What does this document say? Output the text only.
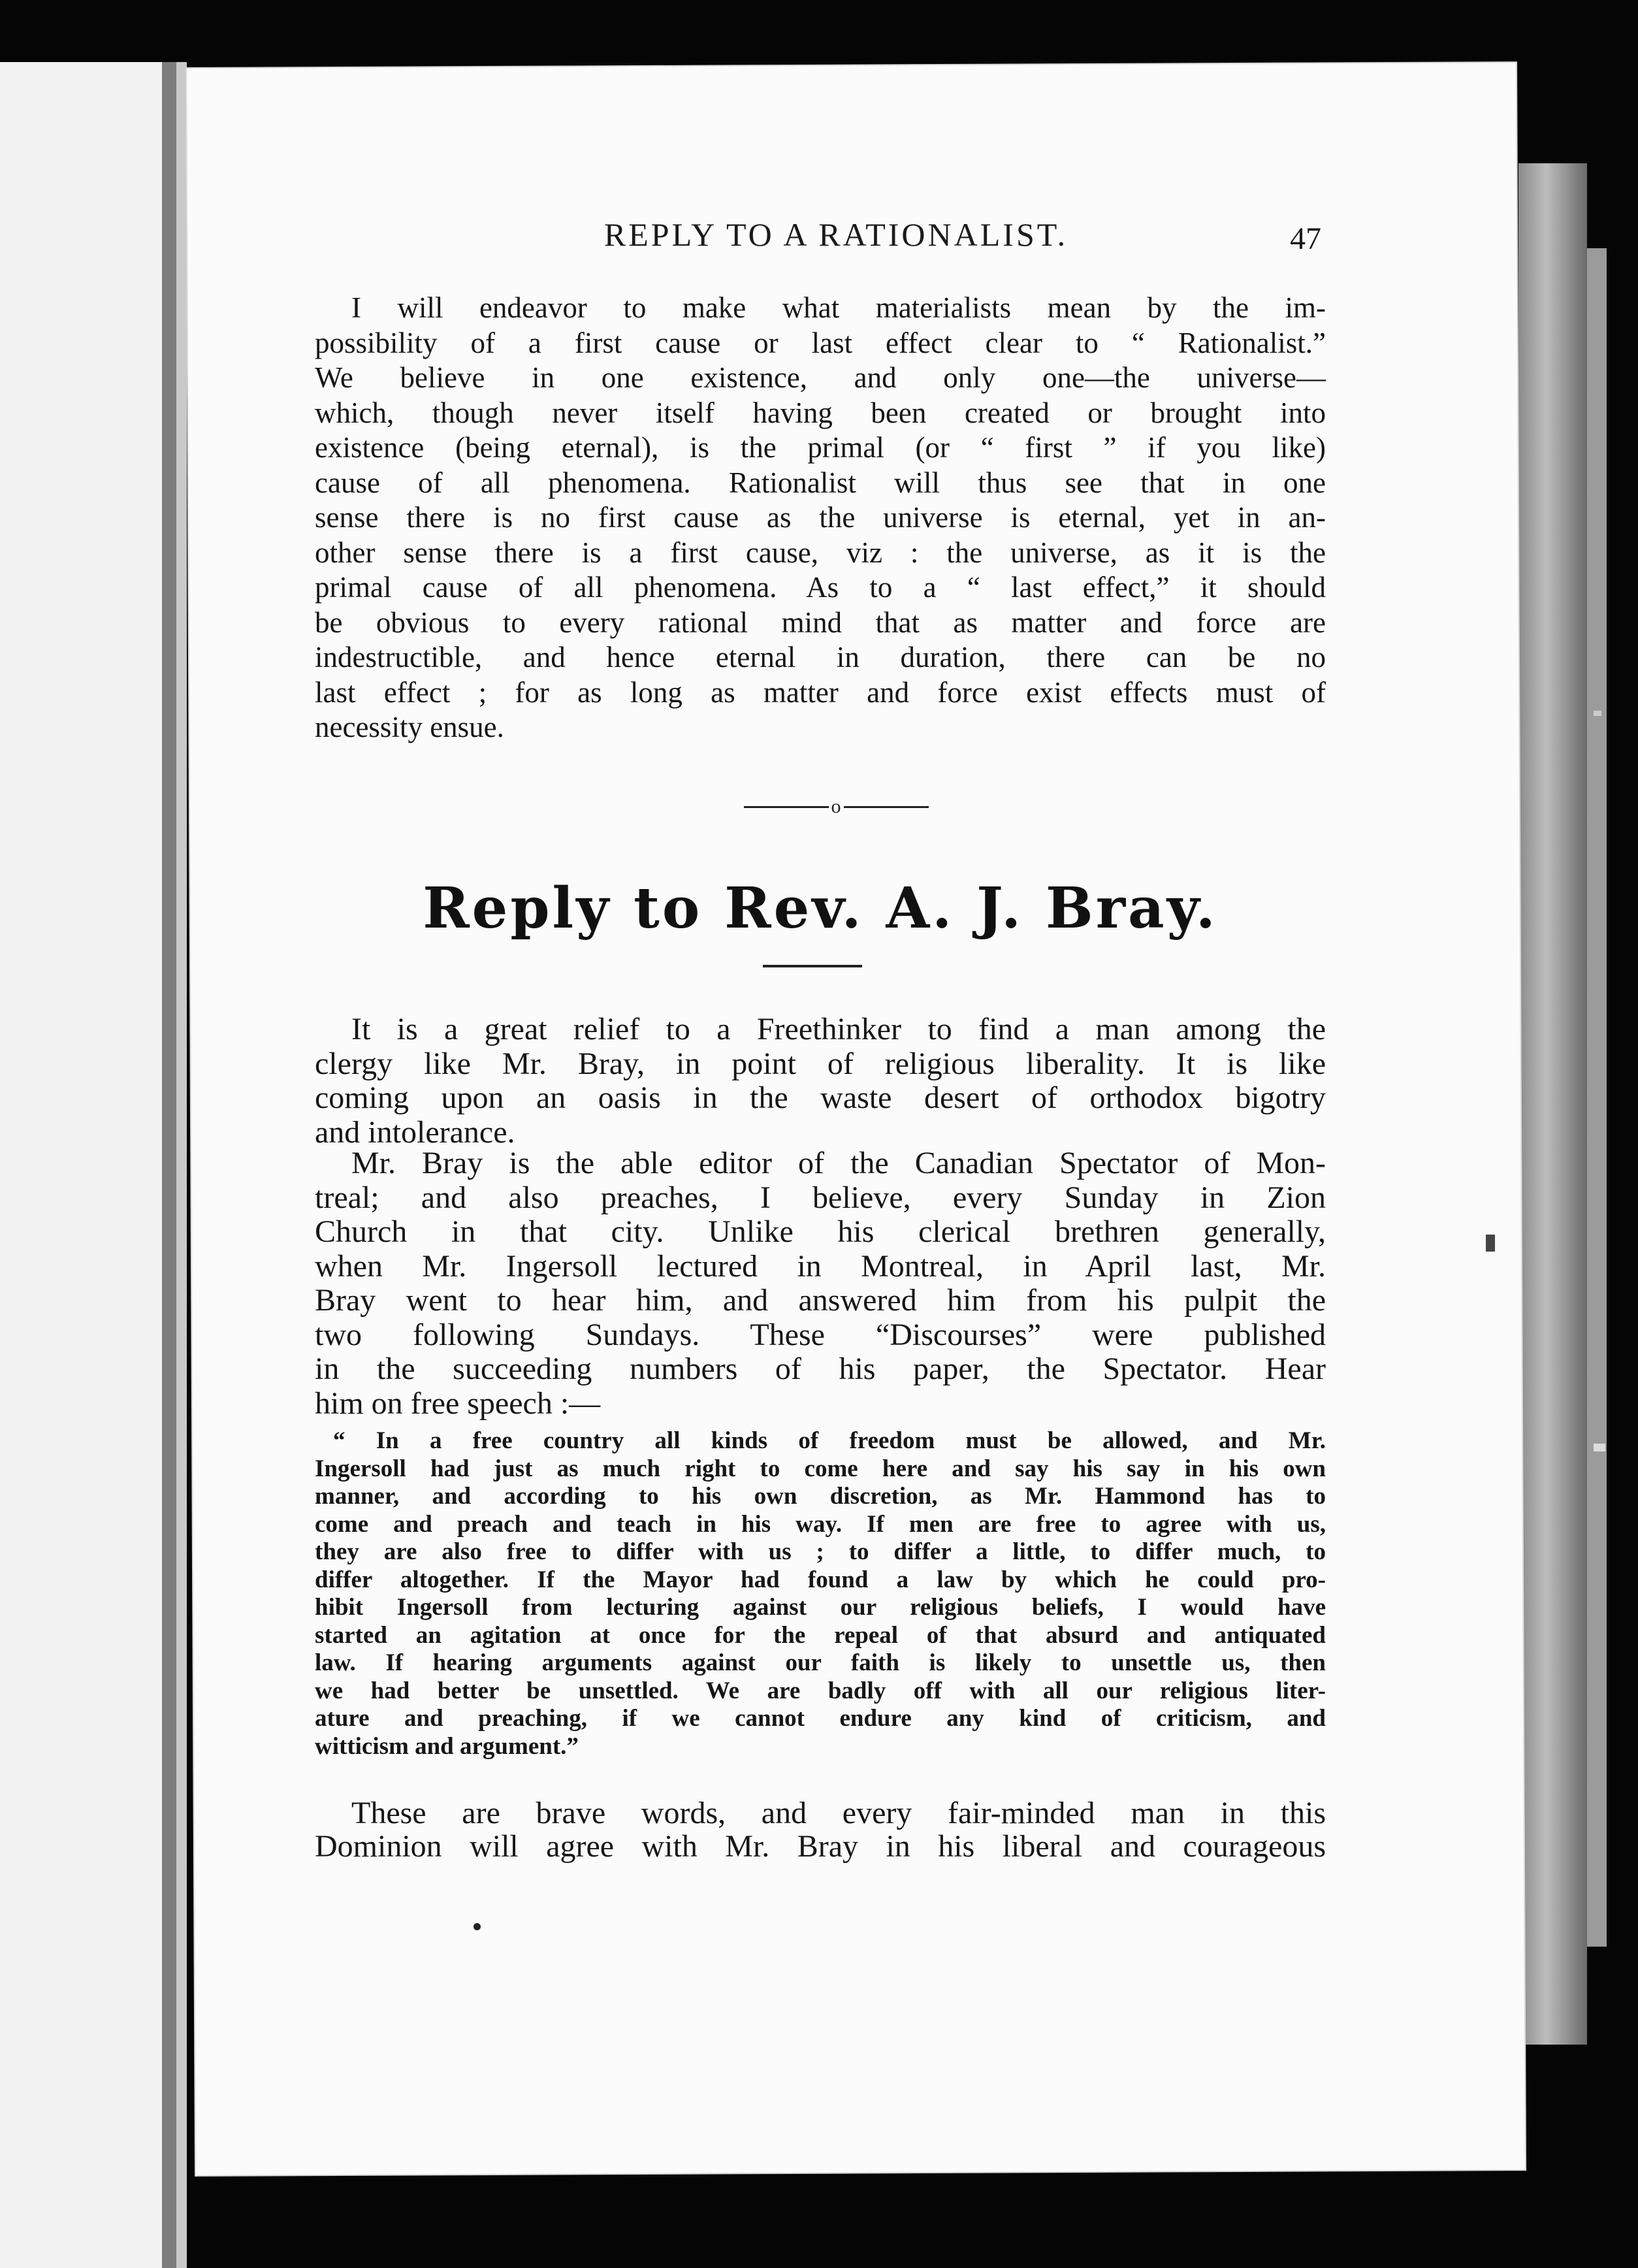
REPLY TO A RATIONALIST.	47
I will endeavor to make what materialists mean by the im-
possibility of a first cause or last effect clear to “ Rationalist.”
We believe in one existence, and only one—the universe—
which, though never itself having been created or brought into
existence (being eternal), is the primal (or “ first ” if you like)
cause of all phenomena. Rationalist will thus see that in one
sense there is no first cause as the universe is eternal, yet in an-
other sense there is a first cause, viz : the universe, as it is the
primal cause of all phenomena. As to a “ last effect,” it should
be obvious to every rational mind that as matter and force are
indestructible, and hence eternal in duration, there can be no
last effect ; for as long as matter and force exist effects must of
necessity ensue.
o
Reply to Rev. A. J. Bray.
It is a great relief to a Freethinker to find a man among the
clergy like Mr. Bray, in point of religious liberality. It is like
coming upon an oasis in the waste desert of orthodox bigotry
and intolerance.
Mr. Bray is the able editor of the Canadian Spectator of Mon-
treal; and also preaches, I believe, every Sunday in Zion
Church in that city. Unlike his clerical brethren generally,
when Mr. Ingersoll lectured in Montreal, in April last, Mr.
Bray went to hear him, and answered him from his pulpit the
two following Sundays. These “Discourses” were published
in the succeeding numbers of his paper, the Spectator. Hear
him on free speech :—
“ In a free country all kinds of freedom must be allowed, and Mr.
Ingersoll had just as much right to come here and say his say in his own
manner, and according to his own discretion, as Mr. Hammond has to
come and preach and teach in his way. If men are free to agree with us,
they are also free to differ with us ; to differ a little, to differ much, to
differ altogether. If the Mayor had found a law by which he could pro-
hibit Ingersoll from lecturing against our religious beliefs, I would have
started an agitation at once for the repeal of that absurd and antiquated
law. If hearing arguments against our faith is likely to unsettle us, then
we had better be unsettled. We are badly off with all our religious liter-
ature and preaching, if we cannot endure any kind of criticism, and
witticism and argument.”
These are brave words, and every fair-minded man in this
Dominion will agree with Mr. Bray in his liberal and courageous
